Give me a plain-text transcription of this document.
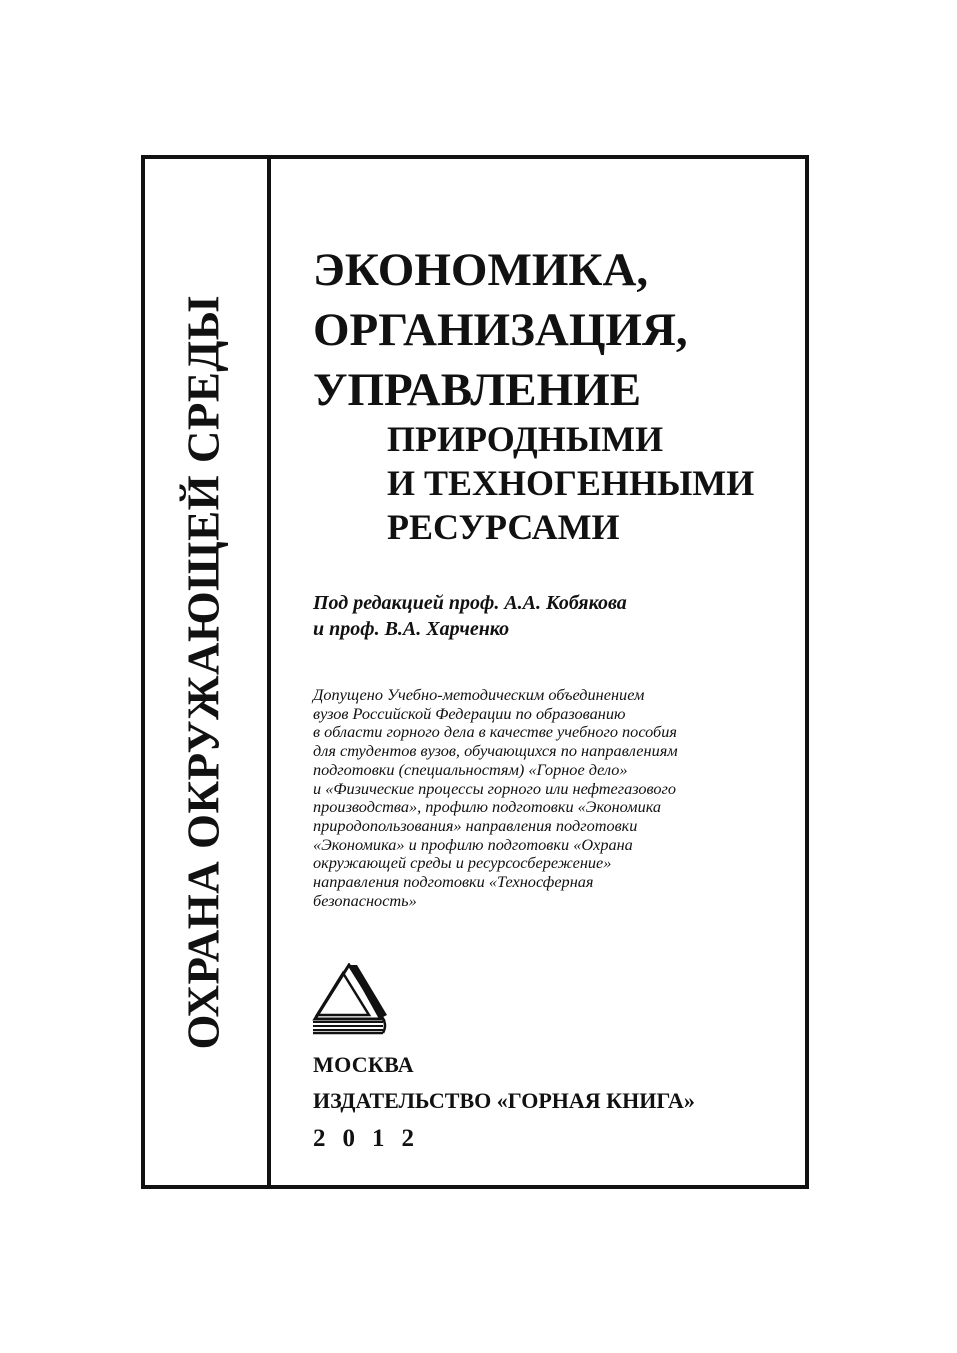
ОХРАНА ОКРУЖАЮЩЕЙ СРЕДЫ
ЭКОНОМИКА,
ОРГАНИЗАЦИЯ,
УПРАВЛЕНИЕ
ПРИРОДНЫМИ
И ТЕХНОГЕННЫМИ
РЕСУРСАМИ
Под редакцией проф. А.А. Кобякова
и проф. В.А. Харченко
Допущено Учебно-методическим объединением
вузов Российской Федерации по образованию
в области горного дела в качестве учебного пособия
для студентов вузов, обучающихся по направлениям
подготовки (специальностям) «Горное дело»
и «Физические процессы горного или нефтегазового
производства», профилю подготовки «Экономика
природопользования» направления подготовки
«Экономика» и профилю подготовки «Охрана
окружающей среды и ресурсосбережение»
направления подготовки «Техносферная
безопасность»
МОСКВА
ИЗДАТЕЛЬСТВО «ГОРНАЯ КНИГА»
2012
